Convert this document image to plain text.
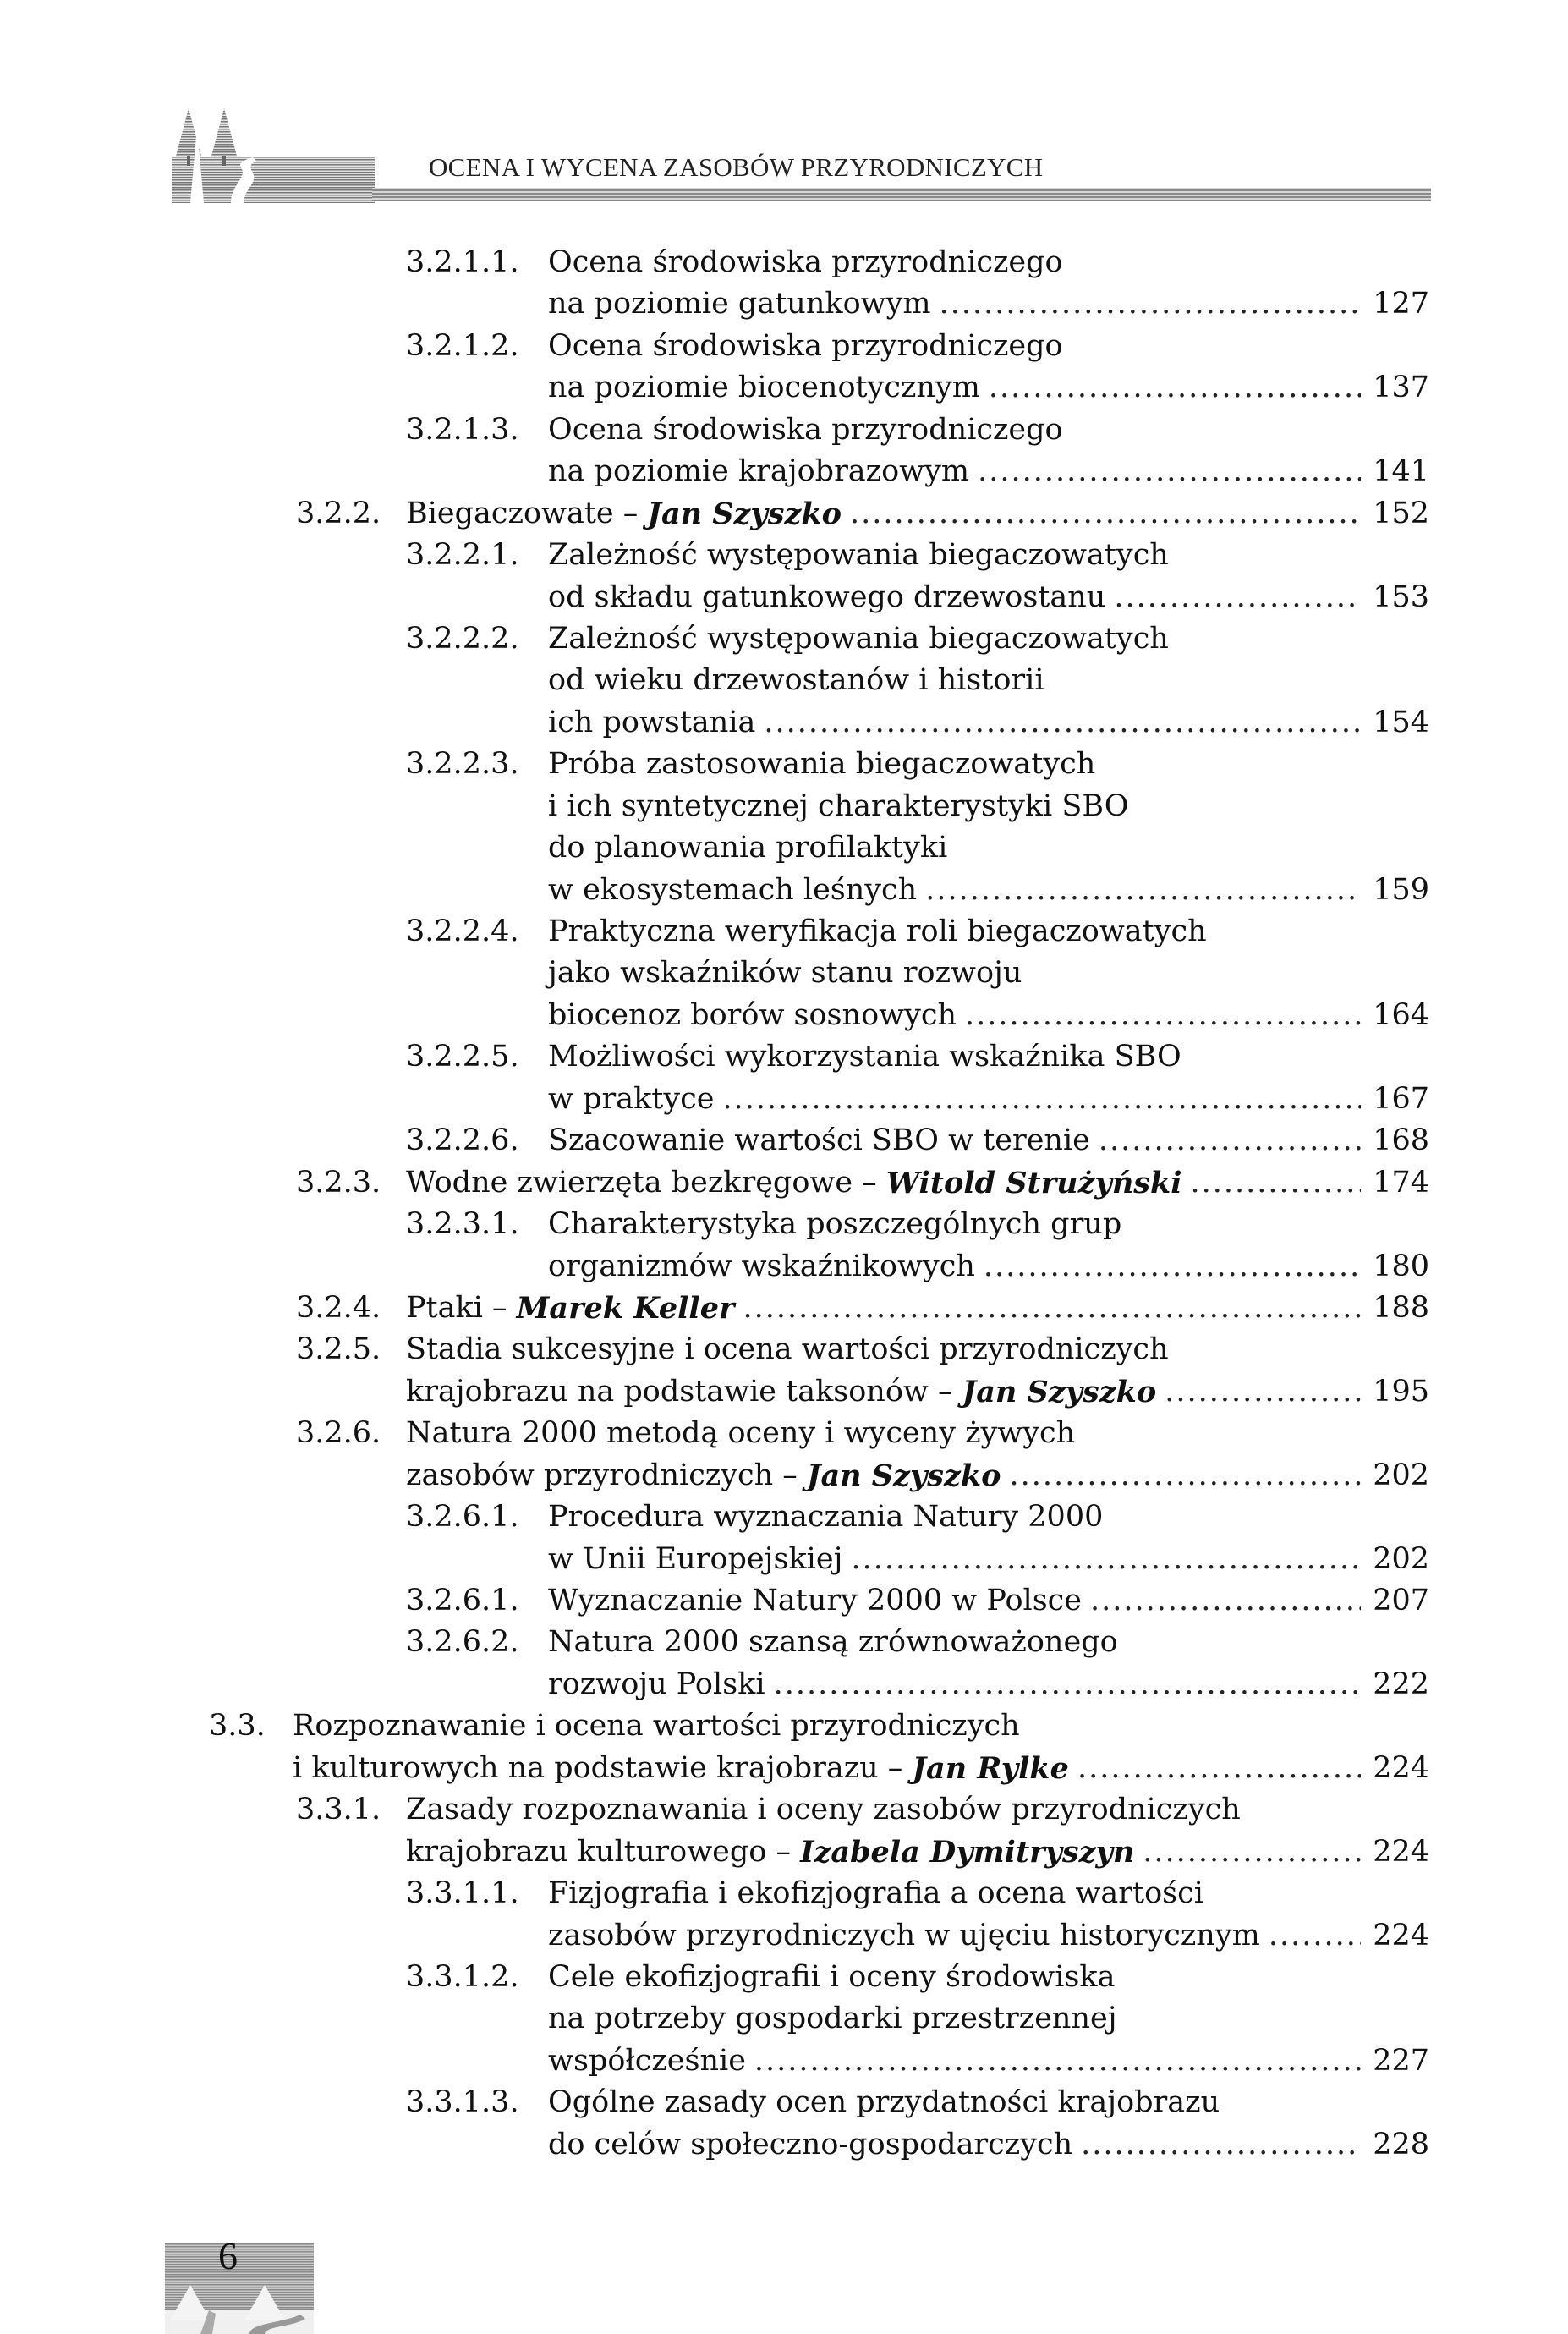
OCENA I WYCENA ZASOBÓW PRZYRODNICZYCH
3.2.1.1. Ocena środowiska przyrodniczego
na poziomie gatunkowym .....	127
3.2.1.2. Ocena środowiska przyrodniczego
na poziomie biocenotycznym .....	137
3.2.1.3. Ocena środowiska przyrodniczego
na poziomie krajobrazowym .....	141
3.2.2. Biegaczowate –
Jan Szyszko .....	152
3.2.2.1. Zależność występowania biegaczowatych
od składu gatunkowego drzewostanu .....	153
3.2.2.2. Zależność występowania biegaczowatych
od wieku drzewostanów i historii
ich powstania .....	154
3.2.2.3. Próba zastosowania biegaczowatych
i ich syntetycznej charakterystyki SBO
do planowania profilaktyki
w ekosystemach leśnych .....	159
3.2.2.4. Praktyczna weryfikacja roli biegaczowatych
jako wskaźników stanu rozwoju
biocenoz borów sosnowych .....	164
3.2.2.5. Możliwości wykorzystania wskaźnika SBO
w praktyce .....	167
3.2.2.6. Szacowanie wartości SBO w terenie .....	168
3.2.3. Wodne zwierzęta bezkręgowe –
Witold Strużyński .....	174
3.2.3.1. Charakterystyka poszczególnych grup
organizmów wskaźnikowych .....	180
3.2.4. Ptaki –
Marek Keller .....	188
3.2.5. Stadia sukcesyjne i ocena wartości przyrodniczych
krajobrazu na podstawie taksonów –
Jan Szyszko .....	195
3.2.6. Natura 2000 metodą oceny i wyceny żywych
zasobów przyrodniczych –
Jan Szyszko .....	202
3.2.6.1. Procedura wyznaczania Natury 2000
w Unii Europejskiej .....	202
3.2.6.1. Wyznaczanie Natury 2000 w Polsce .....	207
3.2.6.2. Natura 2000 szansą zrównoważonego
rozwoju Polski .....	222
3.3. Rozpoznawanie i ocena wartości przyrodniczych
i kulturowych na podstawie krajobrazu –
Jan Rylke .....	224
3.3.1. Zasady rozpoznawania i oceny zasobów przyrodniczych
krajobrazu kulturowego –
Izabela Dymitryszyn .....	224
3.3.1.1. Fizjografia i ekofizjografia a ocena wartości
zasobów przyrodniczych w ujęciu historycznym .....	224
3.3.1.2. Cele ekofizjografii i oceny środowiska
na potrzeby gospodarki przestrzennej
współcześnie .....	227
3.3.1.3. Ogólne zasady ocen przydatności krajobrazu
do celów społeczno-gospodarczych .....	228
6
